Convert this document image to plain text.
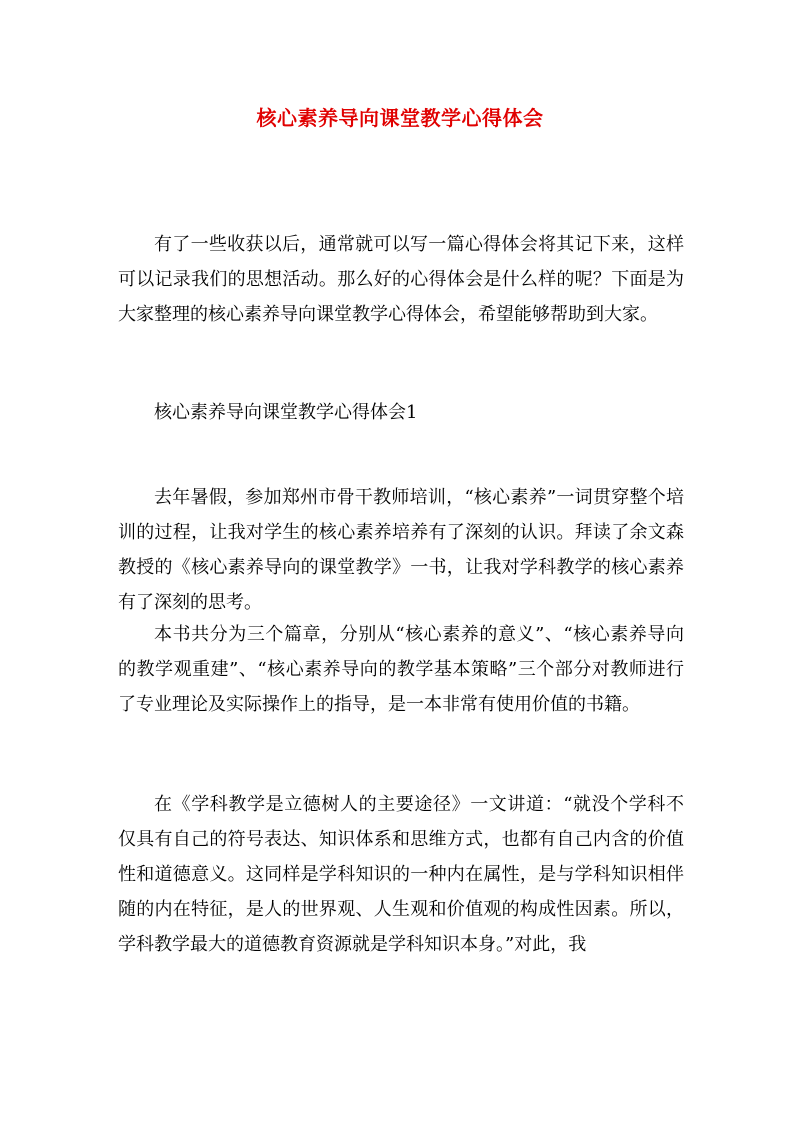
核心素养导向课堂教学心得体会

有了一些收获以后，通常就可以写一篇心得体会将其记下来，这样可以记录我们的思想活动。那么好的心得体会是什么样的呢？下面是为大家整理的核心素养导向课堂教学心得体会，希望能够帮助到大家。

核心素养导向课堂教学心得体会1

去年暑假，参加郑州市骨干教师培训，“核心素养”一词贯穿整个培训的过程，让我对学生的核心素养培养有了深刻的认识。拜读了余文森教授的《核心素养导向的课堂教学》一书，让我对学科教学的核心素养有了深刻的思考。

本书共分为三个篇章，分别从“核心素养的意义”、“核心素养导向的教学观重建”、“核心素养导向的教学基本策略”三个部分对教师进行了专业理论及实际操作上的指导，是一本非常有使用价值的书籍。

在《学科教学是立德树人的主要途径》一文讲道：“就没个学科不仅具有自己的符号表达、知识体系和思维方式，也都有自己内含的价值性和道德意义。这同样是学科知识的一种内在属性，是与学科知识相伴随的内在特征，是人的世界观、人生观和价值观的构成性因素。所以，学科教学最大的道德教育资源就是学科知识本身。”对此，我
